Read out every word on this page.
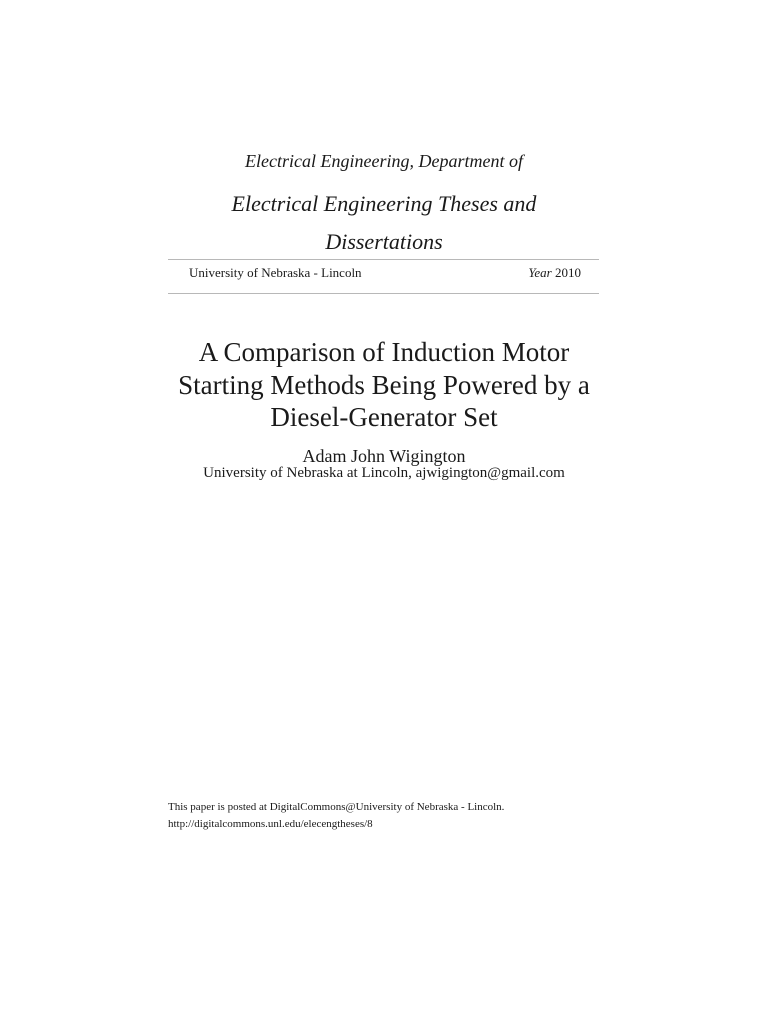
Electrical Engineering, Department of
Electrical Engineering Theses and Dissertations
University of Nebraska - Lincoln	Year 2010
A Comparison of Induction Motor Starting Methods Being Powered by a Diesel-Generator Set
Adam John Wigington
University of Nebraska at Lincoln, ajwigington@gmail.com
This paper is posted at DigitalCommons@University of Nebraska - Lincoln.
http://digitalcommons.unl.edu/elecengtheses/8
